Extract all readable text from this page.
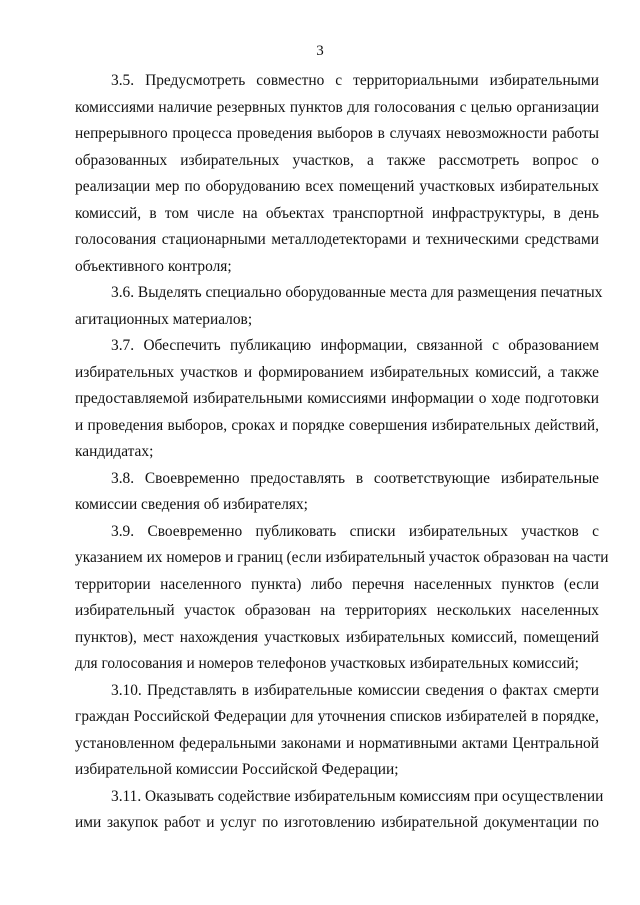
3
3.5. Предусмотреть совместно с территориальными избирательными
комиссиями наличие резервных пунктов для голосования с целью организации
непрерывного процесса проведения выборов в случаях невозможности работы
образованных избирательных участков, а также рассмотреть вопрос о
реализации мер по оборудованию всех помещений участковых избирательных
комиссий, в том числе на объектах транспортной инфраструктуры, в день
голосования стационарными металлодетекторами и техническими средствами
объективного контроля;
3.6. Выделять специально оборудованные места для размещения печатных
агитационных материалов;
3.7. Обеспечить публикацию информации, связанной с образованием
избирательных участков и формированием избирательных комиссий, а также
предоставляемой избирательными комиссиями информации о ходе подготовки
и проведения выборов, сроках и порядке совершения избирательных действий,
кандидатах;
3.8. Своевременно предоставлять в соответствующие избирательные
комиссии сведения об избирателях;
3.9. Своевременно публиковать списки избирательных участков с
указанием их номеров и границ (если избирательный участок образован на части
территории населенного пункта) либо перечня населенных пунктов (если
избирательный участок образован на территориях нескольких населенных
пунктов), мест нахождения участковых избирательных комиссий, помещений
для голосования и номеров телефонов участковых избирательных комиссий;
3.10. Представлять в избирательные комиссии сведения о фактах смерти
граждан Российской Федерации для уточнения списков избирателей в порядке,
установленном федеральными законами и нормативными актами Центральной
избирательной комиссии Российской Федерации;
3.11. Оказывать содействие избирательным комиссиям при осуществлении
ими закупок работ и услуг по изготовлению избирательной документации по
